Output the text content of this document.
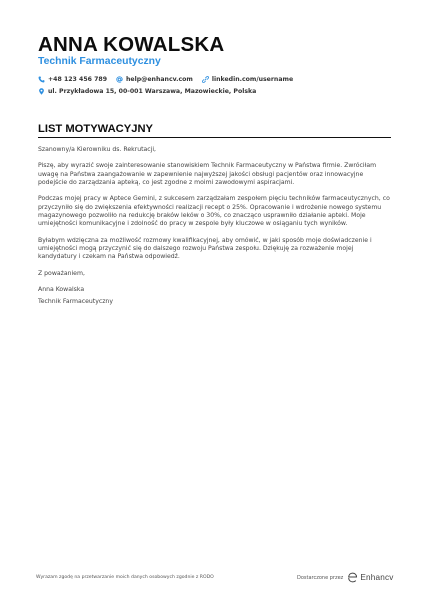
ANNA KOWALSKA
Technik Farmaceutyczny
+48 123 456 789	help@enhancv.com	linkedin.com/username
ul. Przykładowa 15, 00-001 Warszawa, Mazowieckie, Polska
LIST MOTYWACYJNY

Szanowny/a Kierowniku ds. Rekrutacji,

Piszę, aby wyrazić swoje zainteresowanie stanowiskiem Technik Farmaceutyczny w Państwa firmie. Zwróciłam uwagę na Państwa zaangażowanie w zapewnienie najwyższej jakości obsługi pacjentów oraz innowacyjne podejście do zarządzania apteką, co jest zgodne z moimi zawodowymi aspiracjami.

Podczas mojej pracy w Aptece Gemini, z sukcesem zarządzałam zespołem pięciu techników farmaceutycznych, co przyczyniło się do zwiększenia efektywności realizacji recept o 25%. Opracowanie i wdrożenie nowego systemu magazynowego pozwoliło na redukcję braków leków o 30%, co znacząco usprawniło działanie apteki. Moje umiejętności komunikacyjne i zdolność do pracy w zespole były kluczowe w osiąganiu tych wyników.

Byłabym wdzięczna za możliwość rozmowy kwalifikacyjnej, aby omówić, w jaki sposób moje doświadczenie i umiejętności mogą przyczynić się do dalszego rozwoju Państwa zespołu. Dziękuję za rozważenie mojej kandydatury i czekam na Państwa odpowiedź.

Z poważaniem,

Anna Kowalska

Technik Farmaceutyczny

Wyrazam zgodę na przetwarzanie moich danych osobowych zgodnie z RODO	Dostarczone przez Enhancv
